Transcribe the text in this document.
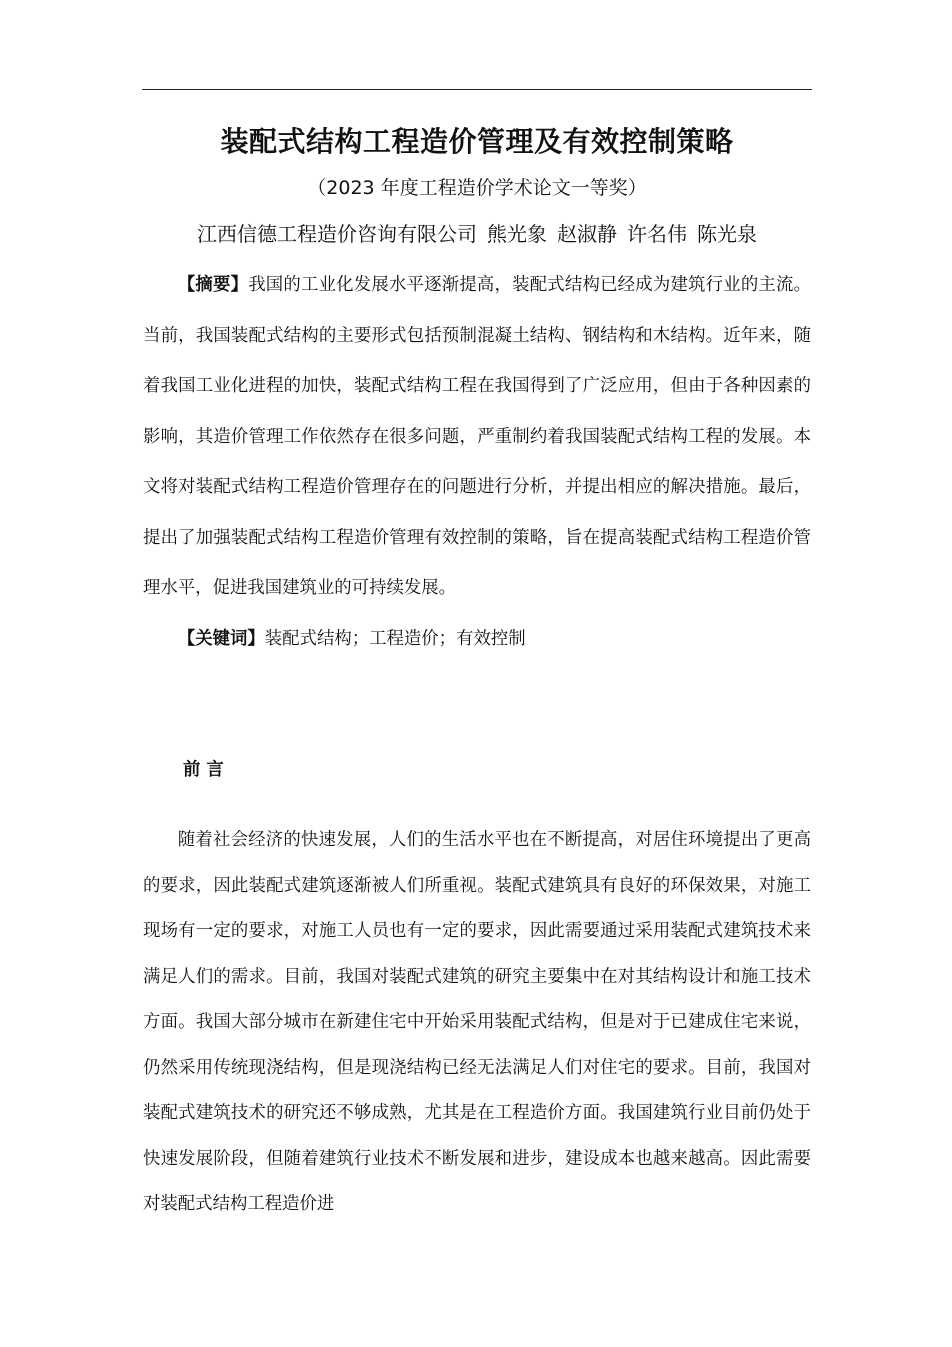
装配式结构工程造价管理及有效控制策略

（2023 年度工程造价学术论文一等奖）

江西信德工程造价咨询有限公司 熊光象 赵淑静 许名伟 陈光泉

【摘要】我国的工业化发展水平逐渐提高，装配式结构已经成为建筑行业的主流。当前，我国装配式结构的主要形式包括预制混凝土结构、钢结构和木结构。近年来，随着我国工业化进程的加快，装配式结构工程在我国得到了广泛应用，但由于各种因素的影响，其造价管理工作依然存在很多问题，严重制约着我国装配式结构工程的发展。本文将对装配式结构工程造价管理存在的问题进行分析，并提出相应的解决措施。最后，提出了加强装配式结构工程造价管理有效控制的策略，旨在提高装配式结构工程造价管理水平，促进我国建筑业的可持续发展。

【关键词】装配式结构；工程造价；有效控制

前言

随着社会经济的快速发展，人们的生活水平也在不断提高，对居住环境提出了更高的要求，因此装配式建筑逐渐被人们所重视。装配式建筑具有良好的环保效果，对施工现场有一定的要求，对施工人员也有一定的要求，因此需要通过采用装配式建筑技术来满足人们的需求。目前，我国对装配式建筑的研究主要集中在对其结构设计和施工技术方面。我国大部分城市在新建住宅中开始采用装配式结构，但是对于已建成住宅来说，仍然采用传统现浇结构，但是现浇结构已经无法满足人们对住宅的要求。目前，我国对装配式建筑技术的研究还不够成熟，尤其是在工程造价方面。我国建筑行业目前仍处于快速发展阶段，但随着建筑行业技术不断发展和进步，建设成本也越来越高。因此需要对装配式结构工程造价进
